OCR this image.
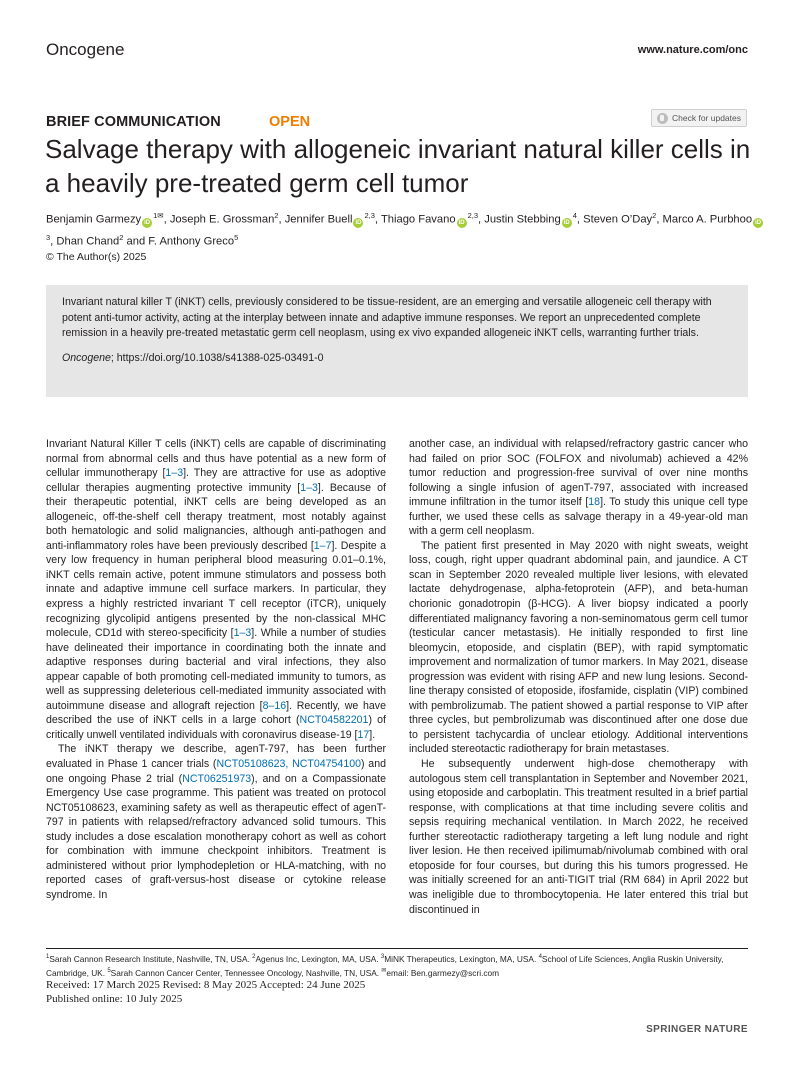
Oncogene	www.nature.com/onc
BRIEF COMMUNICATION	OPEN	Check for updates
Salvage therapy with allogeneic invariant natural killer cells in a heavily pre-treated germ cell tumor
Benjamin Garmezy $iD^{1✉}$, Joseph E. Grossman$^2$, Jennifer Buell iD$^{2,3}$, Thiago Favano iD$^{2,3}$, Justin Stebbing $iD^4$, Steven O’Day$^2$, Marco A. Purbhoo $iD^3$, Dhan Chand$^2$ and F. Anthony Greco$^5$
© The Author(s) 2025
Invariant natural killer T (iNKT) cells, previously considered to be tissue-resident, are an emerging and versatile allogeneic cell therapy with potent anti-tumor activity, acting at the interplay between innate and adaptive immune responses. We report an unprecedented complete remission in a heavily pre-treated metastatic germ cell neoplasm, using ex vivo expanded allogeneic iNKT cells, warranting further trials.
Oncogene; https://doi.org/10.1038/s41388-025-03491-0

Invariant Natural Killer T cells (iNKT) cells are capable of discriminating normal from abnormal cells and thus have potential as a new form of cellular immunotherapy [1–3]. They are attractive for use as adoptive cellular therapies augmenting protective immunity [1–3]. Because of their therapeutic potential, iNKT cells are being developed as an allogeneic, off-the-shelf cell therapy treatment, most notably against both hematologic and solid malignancies, although anti-pathogen and anti-inflammatory roles have been previously described [1–7]. Despite a very low frequency in human peripheral blood measuring 0.01–0.1%, iNKT cells remain active, potent immune stimulators and possess both innate and adaptive immune cell surface markers. In particular, they express a highly restricted invariant T cell receptor (iTCR), uniquely recognizing glycolipid antigens presented by the non-classical MHC molecule, CD1d with stereo-specificity [1–3]. While a number of studies have delineated their importance in coordinating both the innate and adaptive responses during bacterial and viral infections, they also appear capable of both promoting cell-mediated immunity to tumors, as well as suppressing deleterious cell-mediated immunity associated with autoimmune disease and allograft rejection [8–16]. Recently, we have described the use of iNKT cells in a large cohort (NCT04582201) of critically unwell ventilated individuals with coronavirus disease-19 [17].

The iNKT therapy we describe, agenT-797, has been further evaluated in Phase 1 cancer trials (NCT05108623, NCT04754100) and one ongoing Phase 2 trial (NCT06251973), and on a Compassionate Emergency Use case programme. This patient was treated on protocol NCT05108623, examining safety as well as therapeutic effect of agenT-797 in patients with relapsed/refractory advanced solid tumours. This study includes a dose escalation monotherapy cohort as well as cohort for combination with immune checkpoint inhibitors. Treatment is administered without prior lymphodepletion or HLA-matching, with no reported cases of graft-versus-host disease or cytokine release syndrome. In

another case, an individual with relapsed/refractory gastric cancer who had failed on prior SOC (FOLFOX and nivolumab) achieved a 42% tumor reduction and progression-free survival of over nine months following a single infusion of agenT-797, associated with increased immune infiltration in the tumor itself [18]. To study this unique cell type further, we used these cells as salvage therapy in a 49-year-old man with a germ cell neoplasm.

The patient first presented in May 2020 with night sweats, weight loss, cough, right upper quadrant abdominal pain, and jaundice. A CT scan in September 2020 revealed multiple liver lesions, with elevated lactate dehydrogenase, alpha-fetoprotein (AFP), and beta-human chorionic gonadotropin (β-HCG). A liver biopsy indicated a poorly differentiated malignancy favoring a non-seminomatous germ cell tumor (testicular cancer metastasis). He initially responded to first line bleomycin, etoposide, and cisplatin (BEP), with rapid symptomatic improvement and normalization of tumor markers. In May 2021, disease progression was evident with rising AFP and new lung lesions. Second-line therapy consisted of etoposide, ifosfamide, cisplatin (VIP) combined with pembrolizumab. The patient showed a partial response to VIP after three cycles, but pembrolizumab was discontinued after one dose due to persistent tachycardia of unclear etiology. Additional interventions included stereotactic radiotherapy for brain metastases.

He subsequently underwent high-dose chemotherapy with autologous stem cell transplantation in September and November 2021, using etoposide and carboplatin. This treatment resulted in a brief partial response, with complications at that time including severe colitis and sepsis requiring mechanical ventilation. In March 2022, he received further stereotactic radiotherapy targeting a left lung nodule and right liver lesion. He then received ipilimumab/nivolumab combined with oral etoposide for four courses, but during this his tumors progressed. He was initially screened for an anti-TIGIT trial (RM 684) in April 2022 but was ineligible due to thrombocytopenia. He later entered this trial but discontinued in

$^1$Sarah Cannon Research Institute, Nashville, TN, USA. $^2$Agenus Inc, Lexington, MA, USA. $^3$MiNK Therapeutics, Lexington, MA, USA. $^4$School of Life Sciences, Anglia Ruskin University, Cambridge, UK. $^5$Sarah Cannon Cancer Center, Tennessee Oncology, Nashville, TN, USA. ✉email: Ben.garmezy@scri.com
Received: 17 March 2025 Revised: 8 May 2025 Accepted: 24 June 2025
Published online: 10 July 2025
SPRINGER NATURE
